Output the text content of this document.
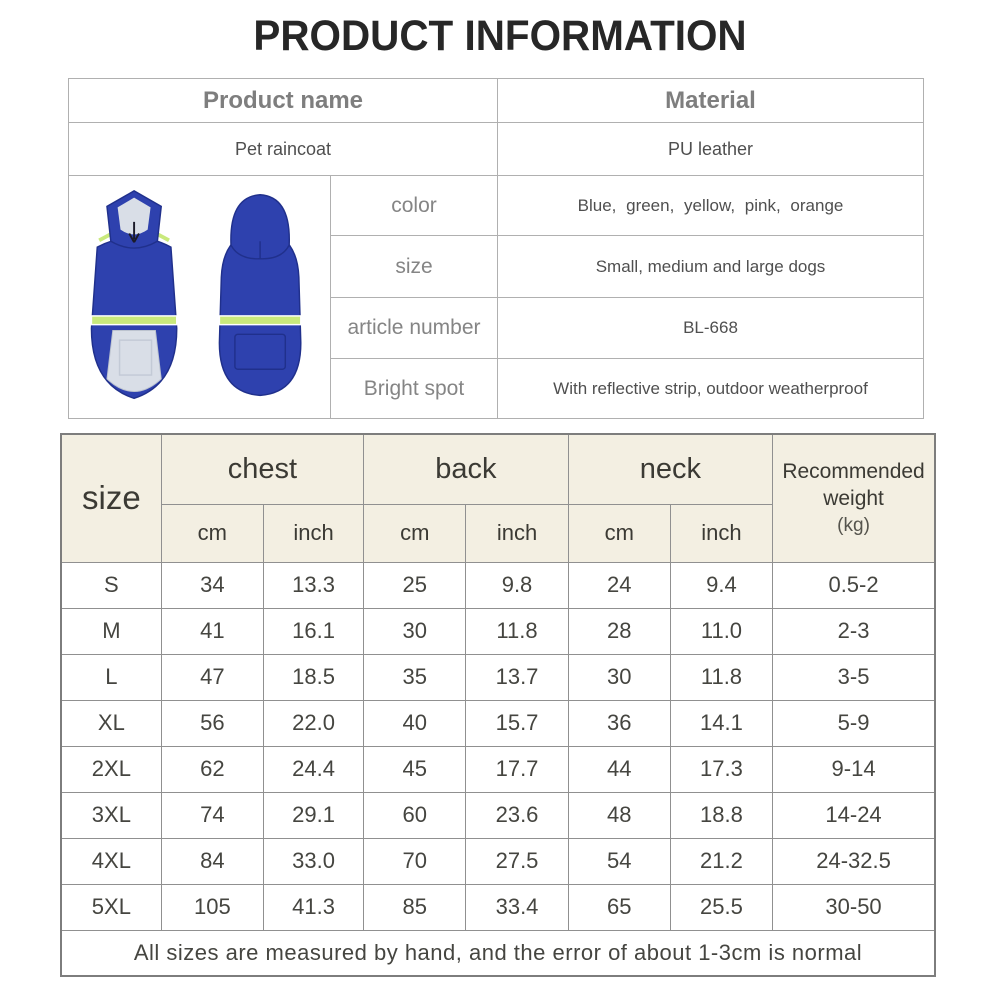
PRODUCT INFORMATION
Product name		Material
Pet raincoat		PU leather

	color	Blue, green, yellow, pink, orange
	size	Small, medium and large dogs
	article number	BL-668
	Bright spot	With reflective strip, outdoor weatherproof
size	chest		back		neck		Recommended
weight
(kg)

	cm	inch	cm	inch	cm	inch	
S	34	13.3	25	9.8	24	9.4	0.5-2
M	41	16.1	30	11.8	28	11.0	2-3
L	47	18.5	35	13.7	30	11.8	3-5
XL	56	22.0	40	15.7	36	14.1	5-9
2XL	62	24.4	45	17.7	44	17.3	9-14
3XL	74	29.1	60	23.6	48	18.8	14-24
4XL	84	33.0	70	27.5	54	21.2	24-32.5
5XL	105	41.3	85	33.4	65	25.5	30-50
All sizes are measured by hand, and the error of about 1-3cm is normal							
